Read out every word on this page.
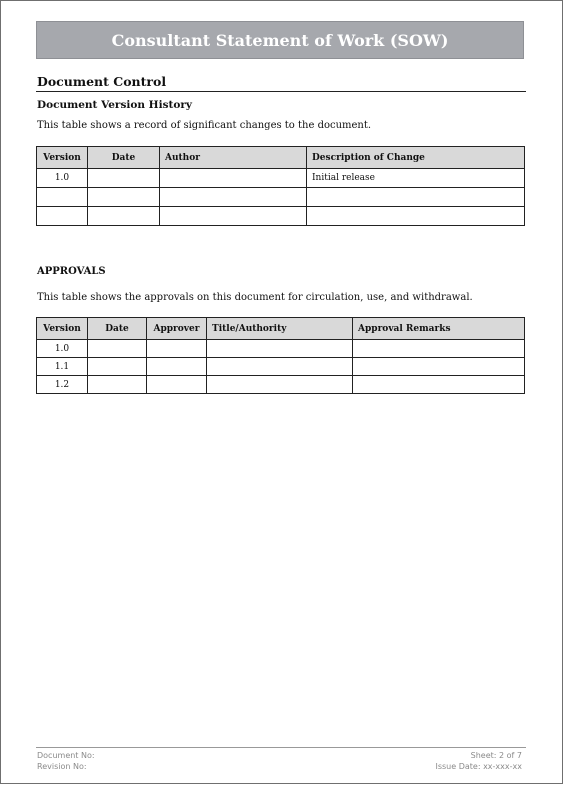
Consultant Statement of Work (SOW)
Document Control
Document Version History
This table shows a record of significant changes to the document.
Version	Date	Author	Description of Change
1.0			Initial release

APPROVALS
This table shows the approvals on this document for circulation, use, and withdrawal.
Version	Date	Approver	Title/Authority	Approval Remarks
1.0				
1.1				
1.2				
Document No:
Revision No:
Sheet: 2 of 7
Issue Date: xx-xxx-xx
